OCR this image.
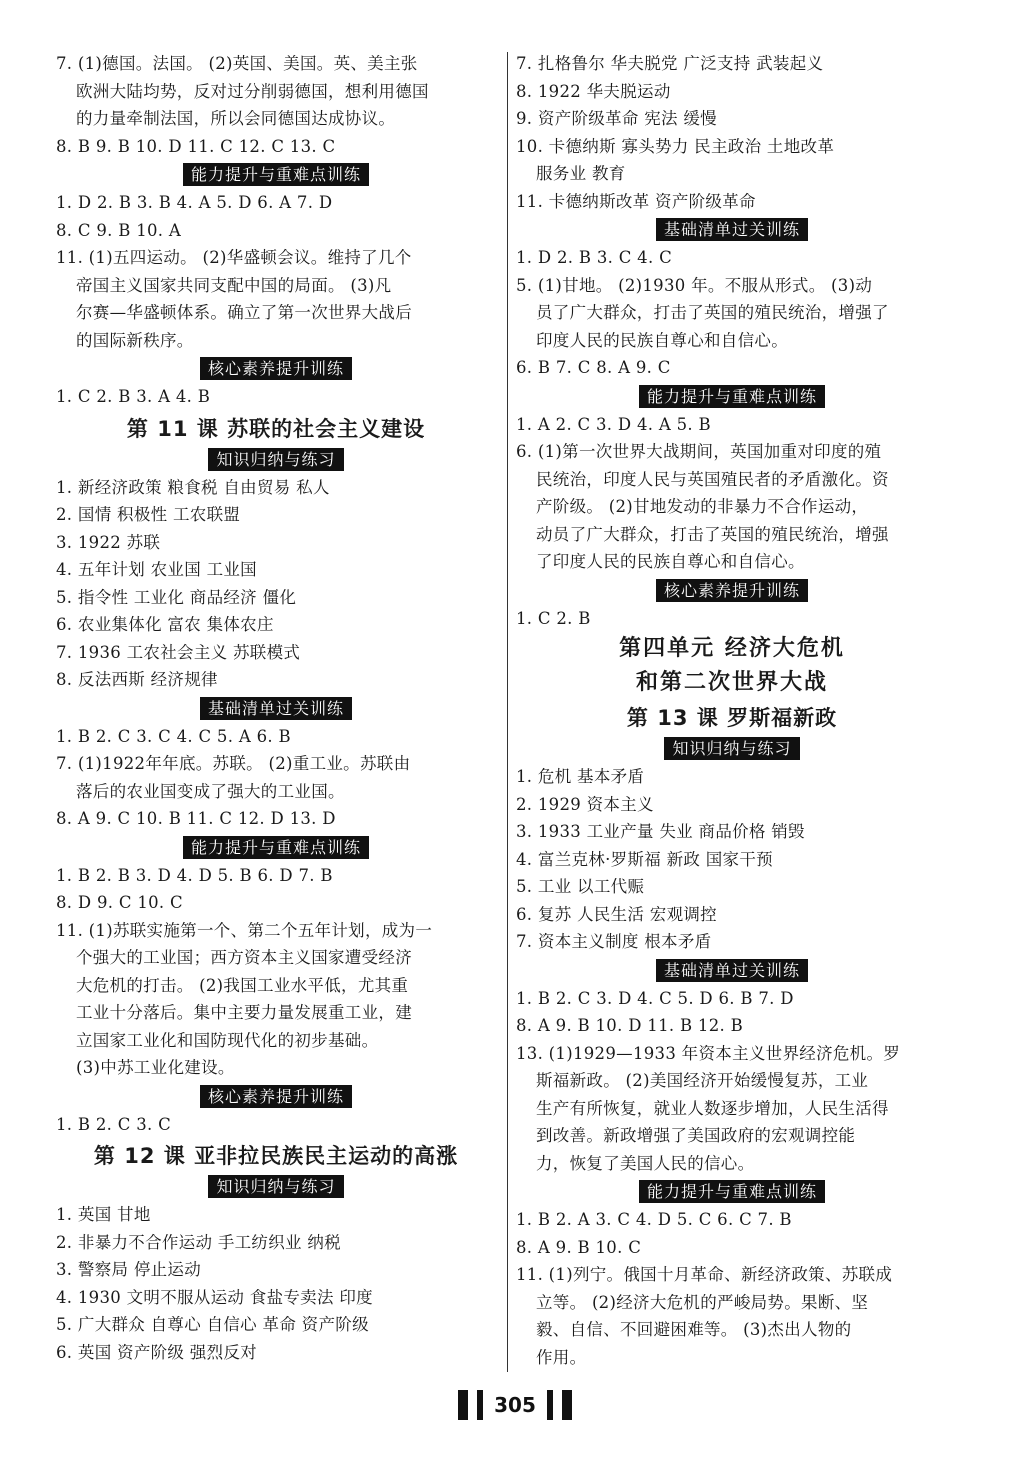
7. (1)德国。法国。 (2)英国、美国。英、美主张
欧洲大陆均势，反对过分削弱德国，想利用德国
的力量牵制法国，所以会同德国达成协议。
8. B 9. B 10. D 11. C 12. C 13. C
能力提升与重难点训练
1. D 2. B 3. B 4. A 5. D 6. A 7. D
8. C 9. B 10. A
11. (1)五四运动。 (2)华盛顿会议。维持了几个
帝国主义国家共同支配中国的局面。 (3)凡
尔赛—华盛顿体系。确立了第一次世界大战后
的国际新秩序。
核心素养提升训练
1. C 2. B 3. A 4. B
第 11 课 苏联的社会主义建设
知识归纳与练习
1. 新经济政策 粮食税 自由贸易 私人
2. 国情 积极性 工农联盟
3. 1922 苏联
4. 五年计划 农业国 工业国
5. 指令性 工业化 商品经济 僵化
6. 农业集体化 富农 集体农庄
7. 1936 工农社会主义 苏联模式
8. 反法西斯 经济规律
基础清单过关训练
1. B 2. C 3. C 4. C 5. A 6. B
7. (1)1922年年底。苏联。 (2)重工业。苏联由
落后的农业国变成了强大的工业国。
8. A 9. C 10. B 11. C 12. D 13. D
能力提升与重难点训练
1. B 2. B 3. D 4. D 5. B 6. D 7. B
8. D 9. C 10. C
11. (1)苏联实施第一个、第二个五年计划，成为一
个强大的工业国；西方资本主义国家遭受经济
大危机的打击。 (2)我国工业水平低，尤其重
工业十分落后。集中主要力量发展重工业，建
立国家工业化和国防现代化的初步基础。
(3)中苏工业化建设。
核心素养提升训练
1. B 2. C 3. C
第 12 课 亚非拉民族民主运动的高涨
知识归纳与练习
1. 英国 甘地
2. 非暴力不合作运动 手工纺织业 纳税
3. 警察局 停止运动
4. 1930 文明不服从运动 食盐专卖法 印度
5. 广大群众 自尊心 自信心 革命 资产阶级
6. 英国 资产阶级 强烈反对
7. 扎格鲁尔 华夫脱党 广泛支持 武装起义
8. 1922 华夫脱运动
9. 资产阶级革命 宪法 缓慢
10. 卡德纳斯 寡头势力 民主政治 土地改革
服务业 教育
11. 卡德纳斯改革 资产阶级革命
基础清单过关训练
1. D 2. B 3. C 4. C
5. (1)甘地。 (2)1930 年。不服从形式。 (3)动
员了广大群众，打击了英国的殖民统治，增强了
印度人民的民族自尊心和自信心。
6. B 7. C 8. A 9. C
能力提升与重难点训练
1. A 2. C 3. D 4. A 5. B
6. (1)第一次世界大战期间，英国加重对印度的殖
民统治，印度人民与英国殖民者的矛盾激化。资
产阶级。 (2)甘地发动的非暴力不合作运动，
动员了广大群众，打击了英国的殖民统治，增强
了印度人民的民族自尊心和自信心。
核心素养提升训练
1. C 2. B
第四单元 经济大危机
和第二次世界大战
第 13 课 罗斯福新政
知识归纳与练习
1. 危机 基本矛盾
2. 1929 资本主义
3. 1933 工业产量 失业 商品价格 销毁
4. 富兰克林·罗斯福 新政 国家干预
5. 工业 以工代赈
6. 复苏 人民生活 宏观调控
7. 资本主义制度 根本矛盾
基础清单过关训练
1. B 2. C 3. D 4. C 5. D 6. B 7. D
8. A 9. B 10. D 11. B 12. B
13. (1)1929—1933 年资本主义世界经济危机。罗
斯福新政。 (2)美国经济开始缓慢复苏，工业
生产有所恢复，就业人数逐步增加，人民生活得
到改善。新政增强了美国政府的宏观调控能
力，恢复了美国人民的信心。
能力提升与重难点训练
1. B 2. A 3. C 4. D 5. C 6. C 7. B
8. A 9. B 10. C
11. (1)列宁。俄国十月革命、新经济政策、苏联成
立等。 (2)经济大危机的严峻局势。果断、坚
毅、自信、不回避困难等。 (3)杰出人物的
作用。
305
